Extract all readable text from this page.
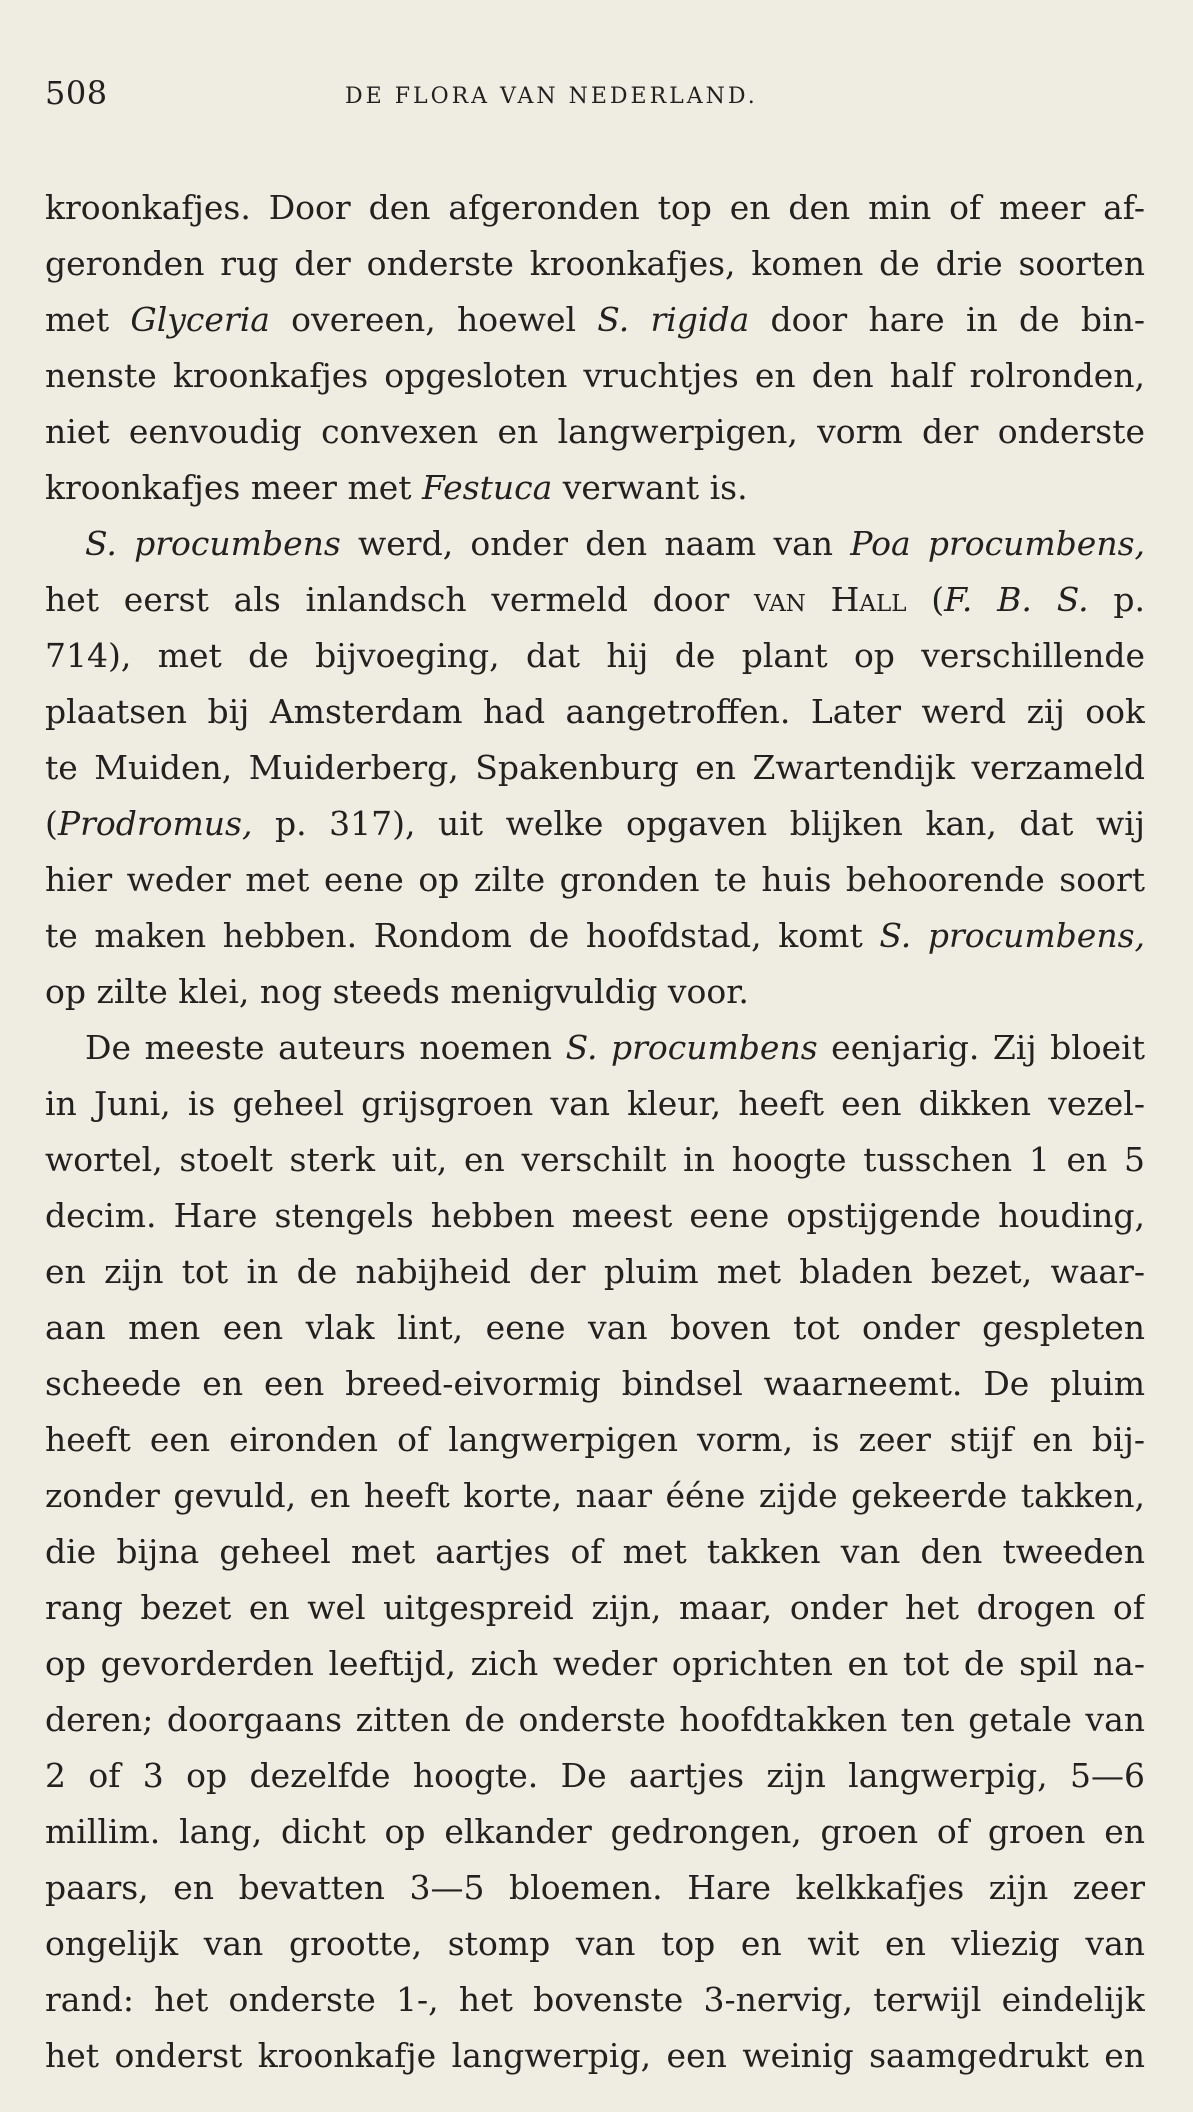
508	DE FLORA VAN NEDERLAND.
kroonkafjes. Door den afgeronden top en den min of meer af-
geronden rug der onderste kroonkafjes, komen de drie soorten
met Glyceria overeen, hoewel S. rigida door hare in de bin-
nenste kroonkafjes opgesloten vruchtjes en den half rolronden,
niet eenvoudig convexen en langwerpigen, vorm der onderste
kroonkafjes meer met Festuca verwant is.
S. procumbens werd, onder den naam van Poa procumbens,
het eerst als inlandsch vermeld door van Hall (F. B. S. p.
714), met de bijvoeging, dat hij de plant op verschillende
plaatsen bij Amsterdam had aangetroffen. Later werd zij ook
te Muiden, Muiderberg, Spakenburg en Zwartendijk verzameld
(Prodromus, p. 317), uit welke opgaven blijken kan, dat wij
hier weder met eene op zilte gronden te huis behoorende soort
te maken hebben. Rondom de hoofdstad, komt S. procumbens,
op zilte klei, nog steeds menigvuldig voor.
De meeste auteurs noemen S. procumbens eenjarig. Zij bloeit
in Juni, is geheel grijsgroen van kleur, heeft een dikken vezel-
wortel, stoelt sterk uit, en verschilt in hoogte tusschen 1 en 5
decim. Hare stengels hebben meest eene opstijgende houding,
en zijn tot in de nabijheid der pluim met bladen bezet, waar-
aan men een vlak lint, eene van boven tot onder gespleten
scheede en een breed-eivormig bindsel waarneemt. De pluim
heeft een eironden of langwerpigen vorm, is zeer stijf en bij-
zonder gevuld, en heeft korte, naar ééne zijde gekeerde takken,
die bijna geheel met aartjes of met takken van den tweeden
rang bezet en wel uitgespreid zijn, maar, onder het drogen of
op gevorderden leeftijd, zich weder oprichten en tot de spil na-
deren; doorgaans zitten de onderste hoofdtakken ten getale van
2 of 3 op dezelfde hoogte. De aartjes zijn langwerpig, 5—6
millim. lang, dicht op elkander gedrongen, groen of groen en
paars, en bevatten 3—5 bloemen. Hare kelkkafjes zijn zeer
ongelijk van grootte, stomp van top en wit en vliezig van
rand: het onderste 1-, het bovenste 3-nervig, terwijl eindelijk
het onderst kroonkafje langwerpig, een weinig saamgedrukt en
